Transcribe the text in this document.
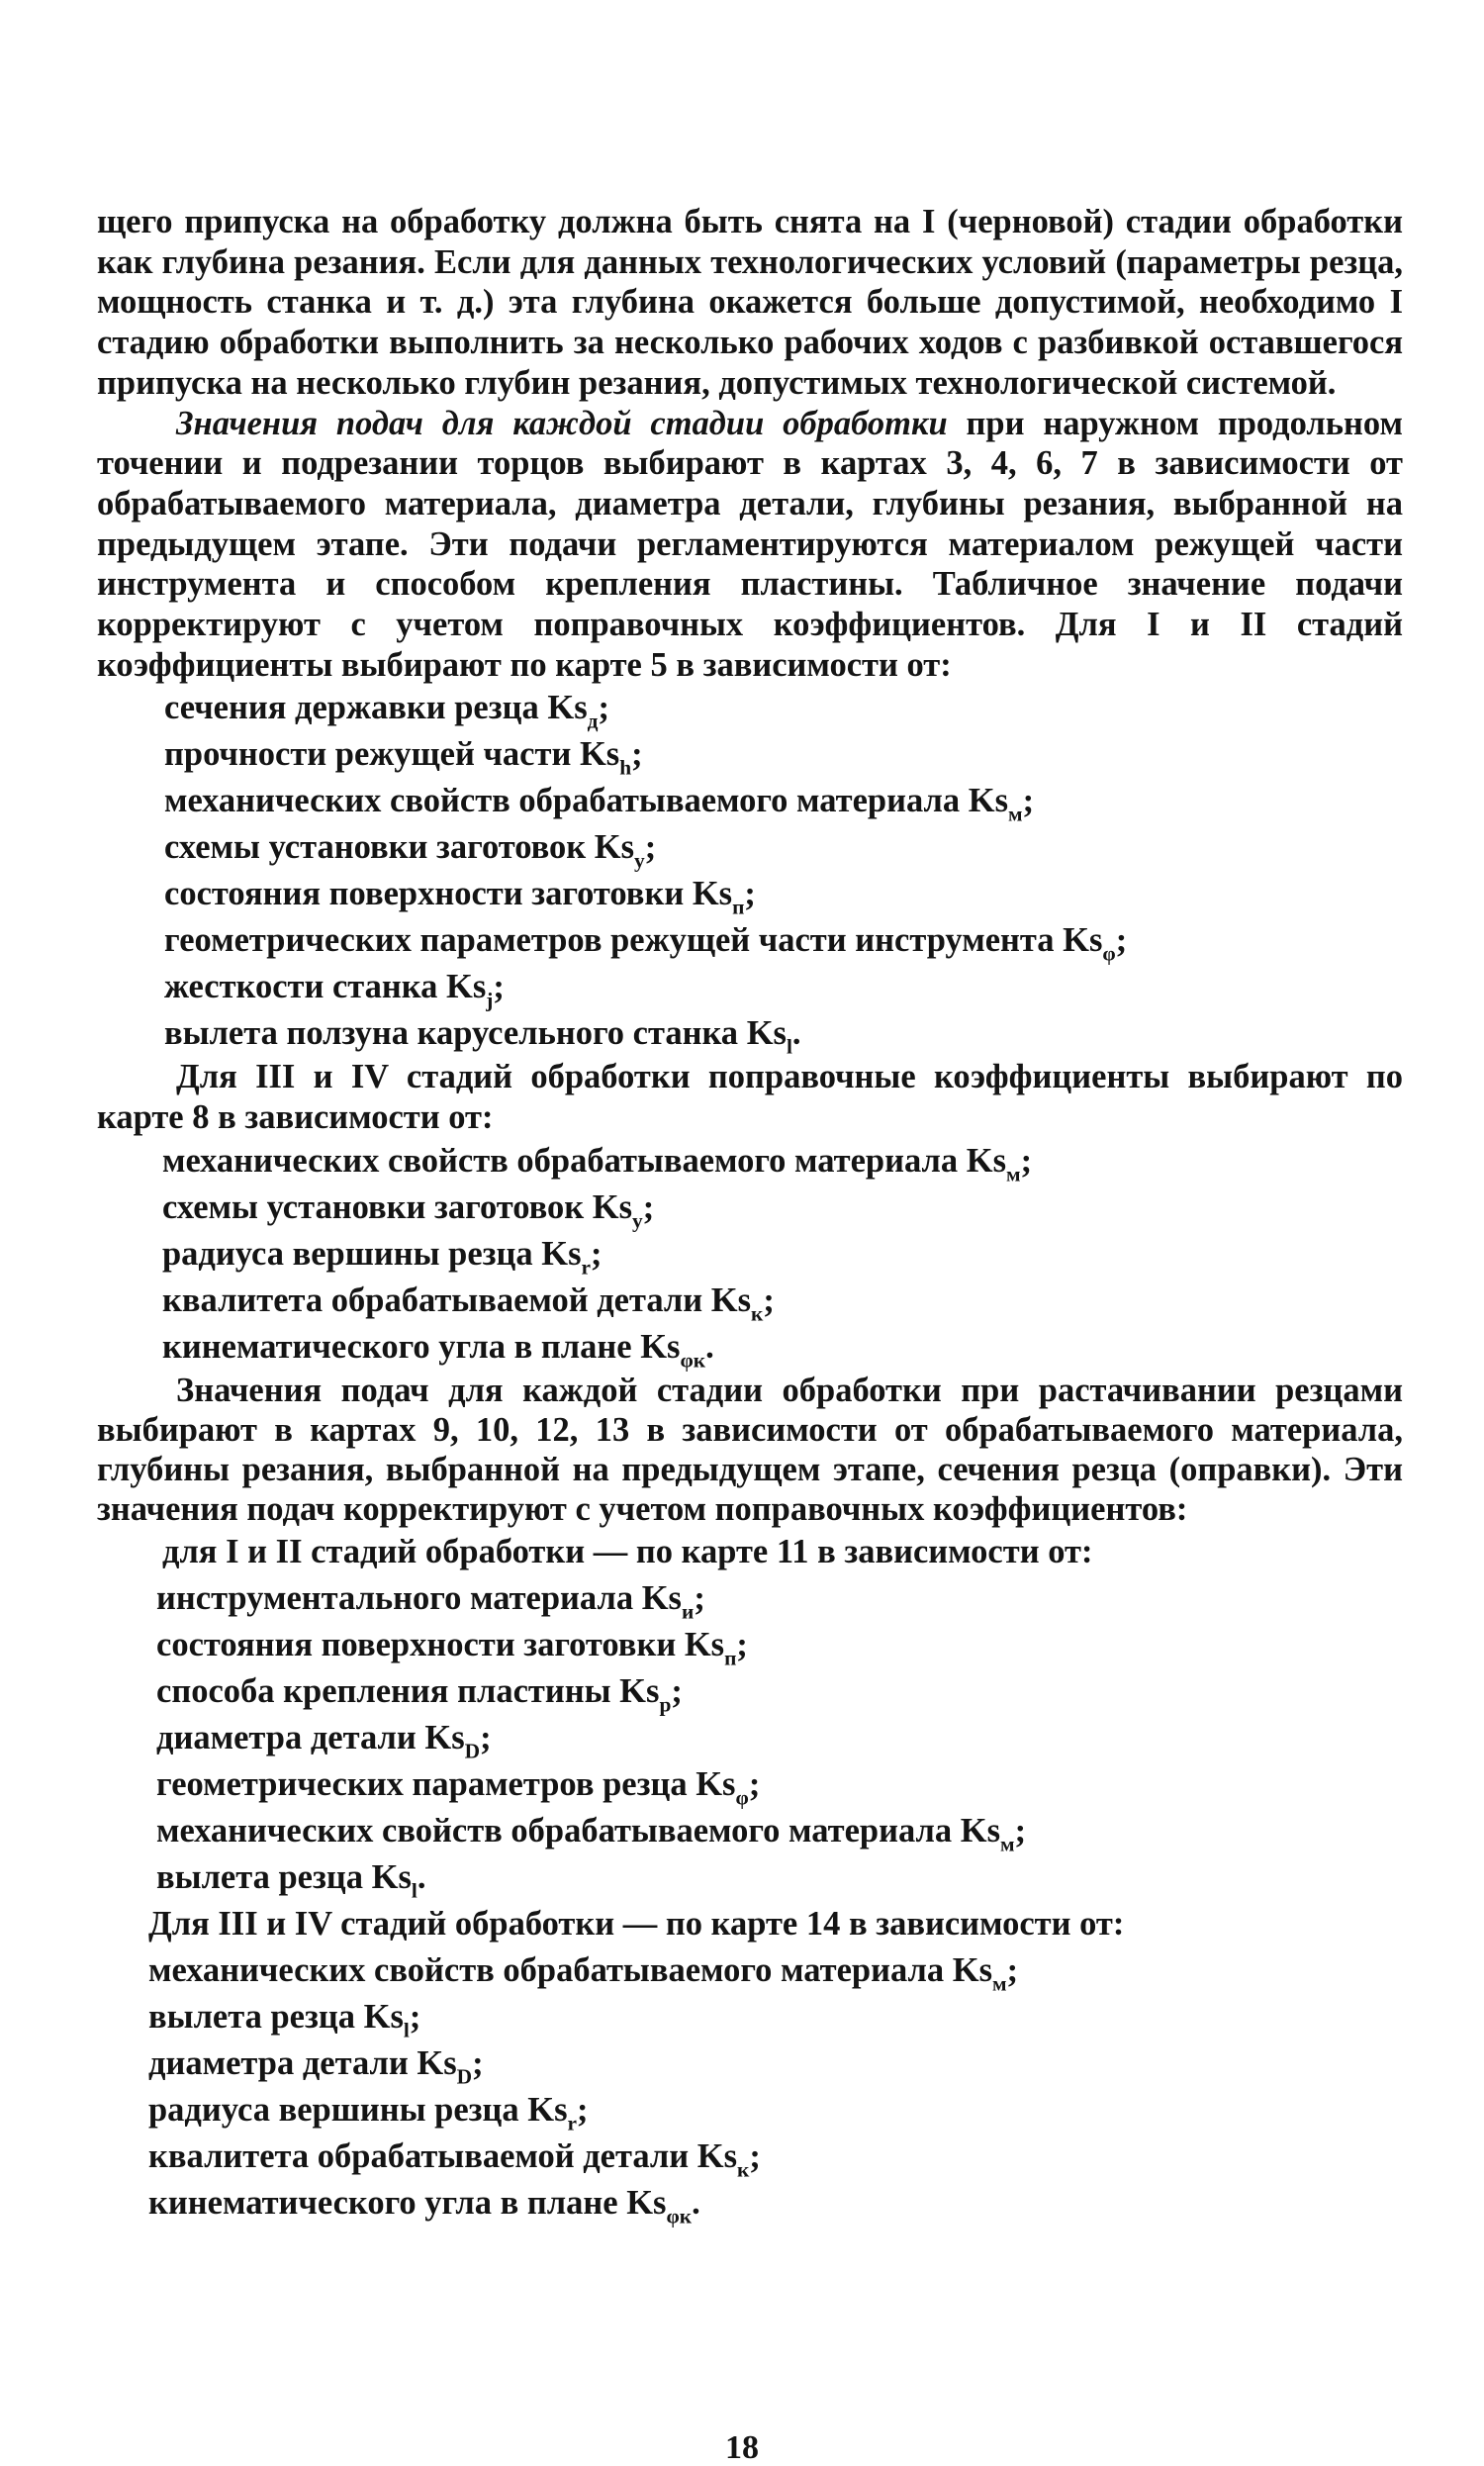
щего припуска на обработку должна быть снята на I (черновой) стадии обработки как глубина резания. Если для данных технологических условий (параметры резца, мощность станка и т. д.) эта глубина окажется больше допустимой, необходимо I стадию обработки выполнить за несколько рабочих ходов с разбивкой оставшегося припуска на несколько глубин резания, допустимых технологической системой.

Значения подач для каждой стадии обработки при наружном продольном точении и подрезании торцов выбирают в картах 3, 4, 6, 7 в зависимости от обрабатываемого материала, диаметра детали, глубины резания, выбранной на предыдущем этапе. Эти подачи регламентируются материалом режущей части инструмента и способом крепления пластины. Табличное значение подачи корректируют с учетом поправочных коэффициентов. Для I и II стадий коэффициенты выбирают по карте 5 в зависимости от:

сечения державки резца $Ks_д$;
прочности режущей части $Ks_h$;
механических свойств обрабатываемого материала $Ks_м$;
схемы установки заготовок $Ks_у$;
состояния поверхности заготовки $Ks_п$;
геометрических параметров режущей части инструмента $Ks_\varphi$;
жесткости станка $Ks_j$;
вылета ползуна карусельного станка $Ks_l$.

Для III и IV стадий обработки поправочные коэффициенты выбирают по карте 8 в зависимости от:

механических свойств обрабатываемого материала $Ks_м$;
схемы установки заготовок $Ks_у$;
радиуса вершины резца $Ks_r$;
квалитета обрабатываемой детали $Ks_к$;
кинематического угла в плане $Ks_{\varphi к}$.

Значения подач для каждой стадии обработки при растачивании резцами выбирают в картах 9, 10, 12, 13 в зависимости от обрабатываемого материала, глубины резания, выбранной на предыдущем этапе, сечения резца (оправки). Эти значения подач корректируют с учетом поправочных коэффициентов:

для I и II стадий обработки — по карте 11 в зависимости от:
инструментального материала $Ks_и$;
состояния поверхности заготовки $Ks_п$;
способа крепления пластины $Ks_р$;
диаметра детали $Ks_D$;
геометрических параметров резца $Ks_\varphi$;
механических свойств обрабатываемого материала $Ks_м$;
вылета резца $Ks_l$.
Для III и IV стадий обработки — по карте 14 в зависимости от:
механических свойств обрабатываемого материала $Ks_м$;
вылета резца $Ks_l$;
диаметра детали $Ks_D$;
радиуса вершины резца $Ks_r$;
квалитета обрабатываемой детали $Ks_к$;
кинематического угла в плане $Ks_{\varphi к}$.
18
